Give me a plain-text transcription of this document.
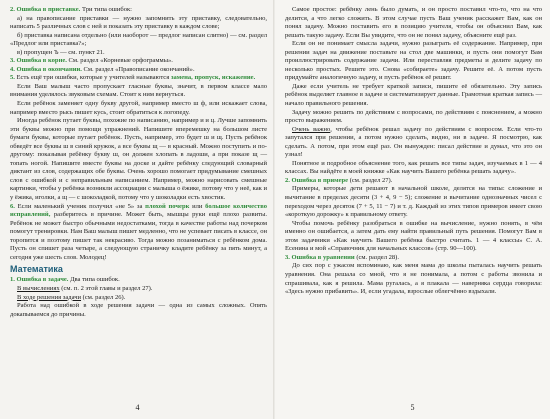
2. Ошибка в приставке. Три типа ошибок:

а) на правописание приставки — нужно запомнить эту приставку, следовательно, написать 5 различных слов с ней и показать эту приставку в каждом слове;

б) приставка написана отдельно (или наоборот — предлог написан слитно) — см. раздел «Предлог или приставка?»;

в) пропущен Ъ — см. пункт 21.

3. Ошибка в корне. См. раздел «Корневые орфограммы».

4. Ошибка в окончании. См. раздел «Правописание окончаний».

5. Есть ещё три ошибки, которые у учителей называются замена, пропуск, искажение.

Если Ваш малыш часто пропускает гласные буквы, значит, в первом классе мало внимания уделялось звуковым схемам. Стоит к ним вернуться.

Если ребёнок заменяет одну букву другой, например вместо ш ф, или искажает слова, например вместо рысь пишет кусь, стоит обратиться к логопеду.

Иногда ребёнок путает буквы, похожие по написанию, например и и ц. Лучше запомнить эти буквы можно при помощи упражнений. Напишите вперемешку на большом листе бумаги буквы, которые путает ребёнок. Пусть, например, это будет ш и щ. Пусть ребёнок обведёт все буквы ш в синий кружок, а все буквы щ — в красный. Можно поступить и по-другому: показывая ребёнку букву ш, он должен хлопать в ладоши, а при показе щ — топать ногой. Напишите вместе буквы на доске и дайте ребёнку следующий словарный диктант из слов, содержащих обе буквы. Очень хорошо помогает придумывание смешных слов с ошибкой и с неправильным написанием. Например, можно нарисовать смешные картинки, чтобы у ребёнка возникли ассоциации с малыша о ёжике, потому что у неё, как и у ёжика, иголки, а щ — с шоколадкой, потому что у шоколадки есть хвостик.

6. Если маленький ученик получил «не 5» за плохой почерк или большое количество исправлений, разберитесь в причине. Может быть, мышцы руки ещё плохо развиты. Ребёнок не может быстро обычными недостатками, тогда в качестве работы над почерком помогут тренировки. Нам Ваш малыш пишет медленно, что не успевает писать в классе, он торопится и поэтому пишет так некрасиво. Тогда можно позаниматься с ребёнком дома. Пусть он спишет раза четыре, а следующую страничку кладите ребёнку за пять минут, а сегодня уже шесть слов. Молодец!

Математика

1. Ошибка в задаче. Два типа ошибок.

В вычислениях (см. п. 2 этой главы и раздел 27).

В ходе решения задачи (см. раздел 26).

Работа над ошибкой в ходе решения задачи — одна из самых сложных. Опять докапываемся до причины.

4

Самое простое: ребёнку лень было думать, и он просто поставил что-то, что на что делится, а что легко сложить. В этом случае пусть Ваш ученик расскажет Вам, как он понял задачу. Можно поставить его в позицию учителя, чтобы он объяснил Вам, как решать такую задачу. Если Вы увидите, что он не понял задачу, объясните ещё раз.

Если он не понимает смысла задачи, нужно разыграть её содержание. Например, при решении задач на движение поставьте на стол две машинки, и пусть они помогут Вам проиллюстрировать содержание задачи. Или переставляя предметы и делите задачу по несколько простых. Решите это. Снова «собираете» задачу. Решите её. А потом пусть придумайте аналогичную задачу, и пусть ребёнок её решит.

Даже если учитель не требует краткой записи, пишите её обязательно. Эту запись ребёнок выделяет главное в задаче и систематизирует данные. Грамотная краткая запись — начало правильного решения.

Задачу можно решить по действиям с вопросами, по действиям с пояснением, а можно просто выражением.

Очень важно, чтобы ребёнок решал задачу по действиям с вопросом. Если что-то запутался при решении, а потом нужно сделать, видно, ни в задаче. Я посмотрю, как сделать. А потом, при этом ещё раз. Он вынужден: писал действие и думал, что это он узнал!

Понятное и подробное объяснение того, как решать все типы задач, изучаемых в 1 — 4 классах. Вы найдёте в моей книжке «Как научить Вашего ребёнка решать задачу».

2. Ошибка в примере (см. раздел 27).

Примеры, которые дети решают в начальной школе, делятся на типы: сложение и вычитание в пределах десяти (3 + 4, 9 − 5); сложение и вычитание однозначных чисел с переходом через десяток (7 + 5, 11 − 7) и т. д. Каждый из этих типов примеров имеет свою «короткую дорожку» к правильному ответу.

Чтобы помочь ребёнку разобраться в ошибке на вычисление, нужно понять, в чём именно он ошибается, а затем дать ему найти правильный путь решения. Помогут Вам в этом задачники «Как научить Вашего ребёнка быстро считать. 1 — 4 классы» С. А. Есенина и мой «Справочник для начальных классов» (стр. 90—100).

3. Ошибка в уравнении (см. раздел 28).

До сих пор с ужасом вспоминаю, как меня мама до школы пыталась научить решать уравнения. Она решала со мной, что я не понимала, а потом с работы звонила и спрашивала, как я решила. Мама ругалась, а я плакала — наверняка сердца говорила: «Здесь нужно прибавить». И, если угадала, взрослые облегчённо вздыхали.

5
